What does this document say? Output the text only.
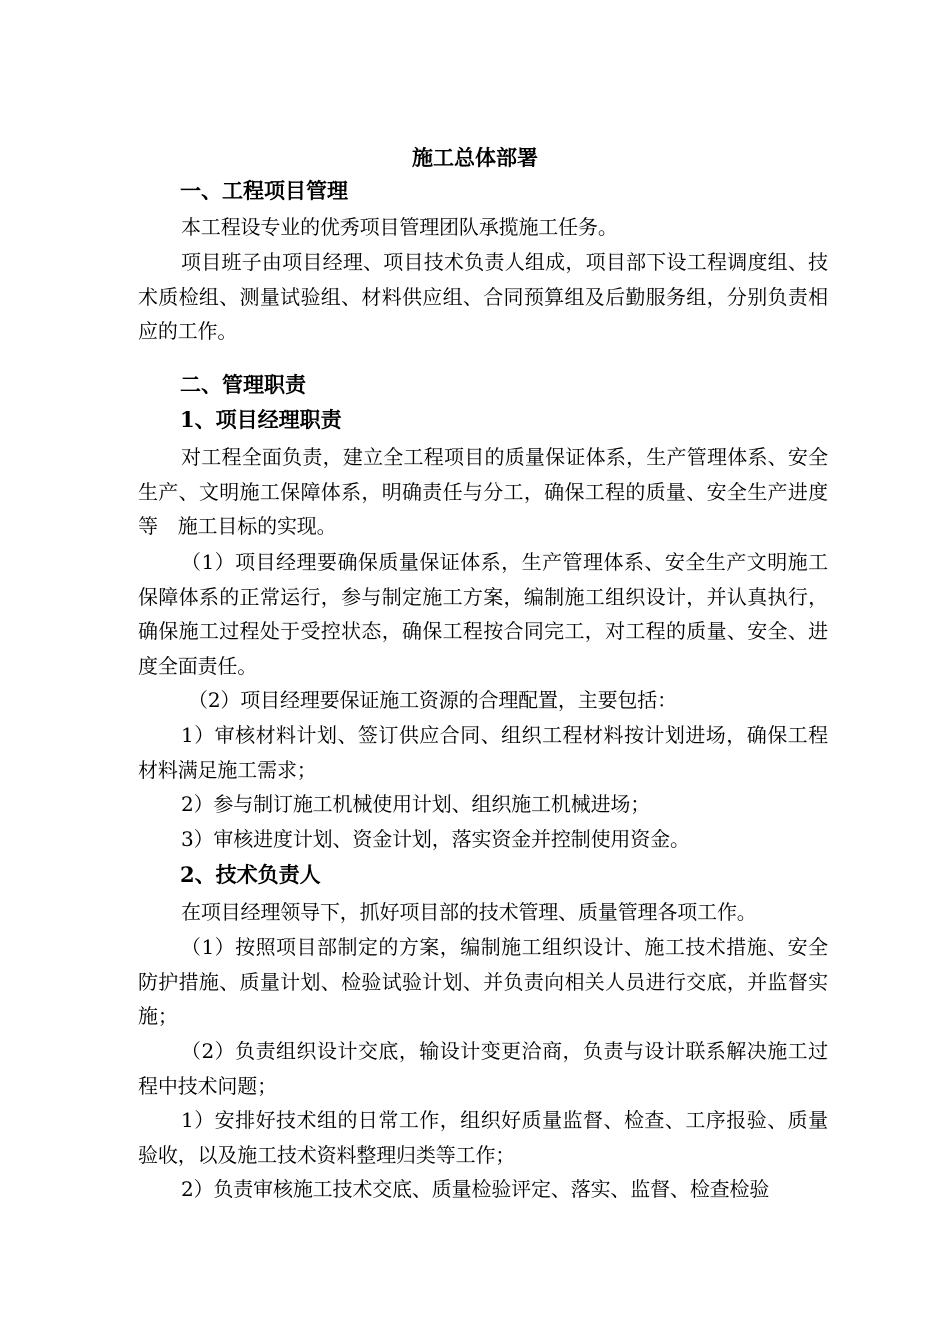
施工总体部署
一、工程项目管理

本工程设专业的优秀项目管理团队承揽施工任务。

项目班子由项目经理、项目技术负责人组成，项目部下设工程调度组、技术质检组、测量试验组、材料供应组、合同预算组及后勤服务组，分别负责相应的工作。

二、管理职责
1、项目经理职责

对工程全面负责，建立全工程项目的质量保证体系，生产管理体系、安全生产、文明施工保障体系，明确责任与分工，确保工程的质量、安全生产进度等　施工目标的实现。

（1）项目经理要确保质量保证体系，生产管理体系、安全生产文明施工保障体系的正常运行，参与制定施工方案，编制施工组织设计，并认真执行，确保施工过程处于受控状态，确保工程按合同完工，对工程的质量、安全、进度全面责任。

（2）项目经理要保证施工资源的合理配置，主要包括：

1）审核材料计划、签订供应合同、组织工程材料按计划进场，确保工程材料满足施工需求；

2）参与制订施工机械使用计划、组织施工机械进场；

3）审核进度计划、资金计划，落实资金并控制使用资金。

2、技术负责人

在项目经理领导下，抓好项目部的技术管理、质量管理各项工作。

（1）按照项目部制定的方案，编制施工组织设计、施工技术措施、安全防护措施、质量计划、检验试验计划、并负责向相关人员进行交底，并监督实施；

（2）负责组织设计交底，输设计变更洽商，负责与设计联系解决施工过程中技术问题；

1）安排好技术组的日常工作，组织好质量监督、检查、工序报验、质量验收，以及施工技术资料整理归类等工作；

2）负责审核施工技术交底、质量检验评定、落实、监督、检查检验
